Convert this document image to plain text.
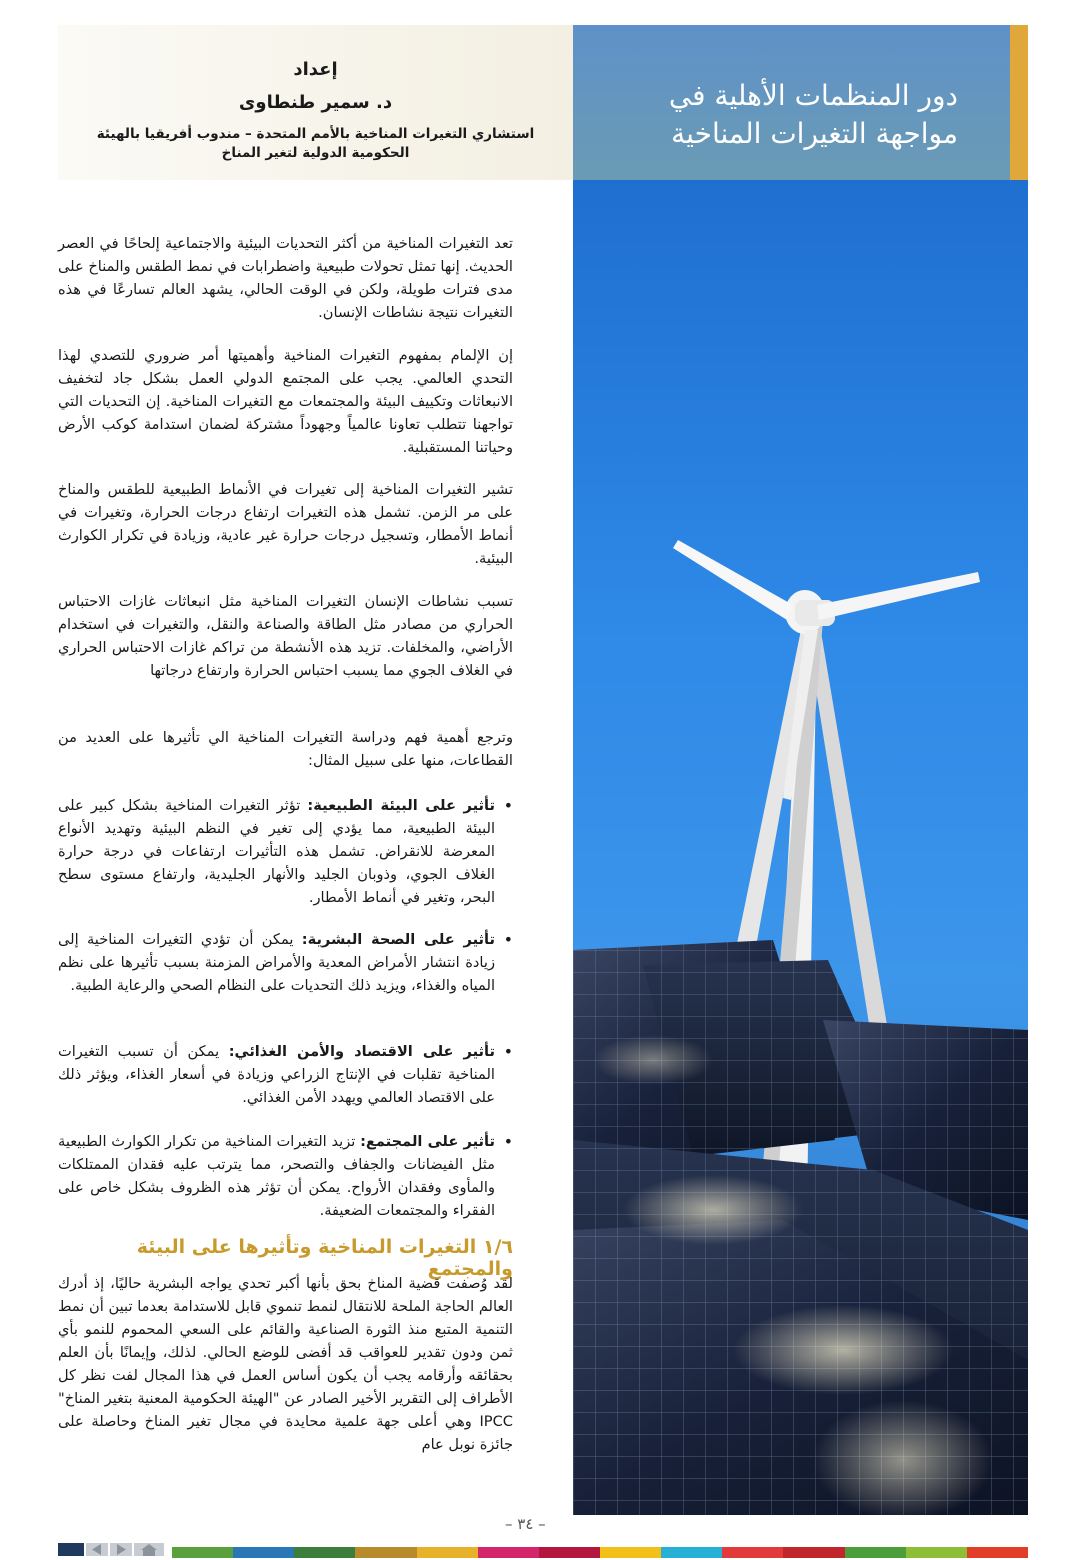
إعداد
د. سمير طنطاوى
استشاري التغيرات المناخية بالأمم المتحدة – مندوب أفريقيا بالهيئة الحكومية الدولية لتغير المناخ
دور المنظمات الأهلية في
مواجهة التغيرات المناخية

تعد التغيرات المناخية من أكثر التحديات البيئية والاجتماعية إلحاحًا في العصر الحديث. إنها تمثل تحولات طبيعية واضطرابات في نمط الطقس والمناخ على مدى فترات طويلة، ولكن في الوقت الحالي، يشهد العالم تسارعًا في هذه التغيرات نتيجة نشاطات الإنسان.

إن الإلمام بمفهوم التغيرات المناخية وأهميتها أمر ضروري للتصدي لهذا التحدي العالمي. يجب على المجتمع الدولي العمل بشكل جاد لتخفيف الانبعاثات وتكييف البيئة والمجتمعات مع التغيرات المناخية. إن التحديات التي تواجهنا تتطلب تعاونا عالمياً وجهوداً مشتركة لضمان استدامة كوكب الأرض وحياتنا المستقبلية.

تشير التغيرات المناخية إلى تغيرات في الأنماط الطبيعية للطقس والمناخ على مر الزمن. تشمل هذه التغيرات ارتفاع درجات الحرارة، وتغيرات في أنماط الأمطار، وتسجيل درجات حرارة غير عادية، وزيادة في تكرار الكوارث البيئية.

تسبب نشاطات الإنسان التغيرات المناخية مثل انبعاثات غازات الاحتباس الحراري من مصادر مثل الطاقة والصناعة والنقل، والتغيرات في استخدام الأراضي، والمخلفات. تزيد هذه الأنشطة من تراكم غازات الاحتباس الحراري في الغلاف الجوي مما يسبب احتباس الحرارة وارتفاع درجاتها

وترجع أهمية فهم ودراسة التغيرات المناخية الي تأثيرها على العديد من القطاعات، منها على سبيل المثال:

•
تأثير على البيئة الطبيعية: تؤثر التغيرات المناخية بشكل كبير على البيئة الطبيعية، مما يؤدي إلى تغير في النظم البيئية وتهديد الأنواع المعرضة للانقراض. تشمل هذه التأثيرات ارتفاعات في درجة حرارة الغلاف الجوي، وذوبان الجليد والأنهار الجليدية، وارتفاع مستوى سطح البحر، وتغير في أنماط الأمطار.
•
تأثير على الصحة البشرية: يمكن أن تؤدي التغيرات المناخية إلى زيادة انتشار الأمراض المعدية والأمراض المزمنة بسبب تأثيرها على نظم المياه والغذاء، ويزيد ذلك التحديات على النظام الصحي والرعاية الطبية.
•
تأثير على الاقتصاد والأمن الغذائي: يمكن أن تسبب التغيرات المناخية تقلبات في الإنتاج الزراعي وزيادة في أسعار الغذاء، ويؤثر ذلك على الاقتصاد العالمي ويهدد الأمن الغذائي.
•
تأثير على المجتمع: تزيد التغيرات المناخية من تكرار الكوارث الطبيعية مثل الفيضانات والجفاف والتصحر، مما يترتب عليه فقدان الممتلكات والمأوى وفقدان الأرواح. يمكن أن تؤثر هذه الظروف بشكل خاص على الفقراء والمجتمعات الضعيفة.
١/٦ التغيرات المناخية وتأثيرها على البيئة والمجتمع

لقد وُصفت قضية المناخ بحق بأنها أكبر تحدي يواجه البشرية حاليًا، إذ أدرك العالم الحاجة الملحة للانتقال لنمط تنموي قابل للاستدامة بعدما تبين أن نمط التنمية المتبع منذ الثورة الصناعية والقائم على السعي المحموم للنمو بأي ثمن ودون تقدير للعواقب قد أفضى للوضع الحالي. لذلك، وإيمانًا بأن العلم بحقائقه وأرقامه يجب أن يكون أساس العمل في هذا المجال لفت نظر كل الأطراف إلى التقرير الأخير الصادر عن "الهيئة الحكومية المعنية بتغير المناخ" IPCC وهي أعلى جهة علمية محايدة في مجال تغير المناخ وحاصلة على جائزة نوبل عام

– ٣٤ –
